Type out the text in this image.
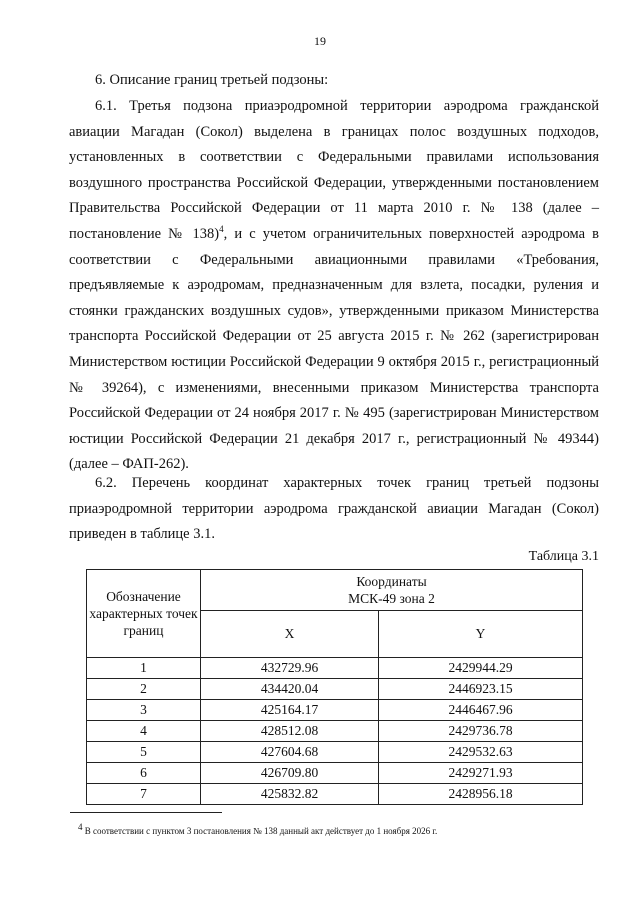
19
6. Описание границ третьей подзоны:
6.1. Третья подзона приаэродромной территории аэродрома гражданской авиации Магадан (Сокол) выделена в границах полос воздушных подходов, установленных в соответствии с Федеральными правилами использования воздушного пространства Российской Федерации, утвержденными постановлением Правительства Российской Федерации от 11 марта 2010 г. № 138 (далее – постановление № 138)$^4$, и с учетом ограничительных поверхностей аэродрома в соответствии с Федеральными авиационными правилами «Требования, предъявляемые к аэродромам, предназначенным для взлета, посадки, руления и стоянки гражданских воздушных судов», утвержденными приказом Министерства транспорта Российской Федерации от 25 августа 2015 г. № 262 (зарегистрирован Министерством юстиции Российской Федерации 9 октября 2015 г., регистрационный № 39264), с изменениями, внесенными приказом Министерства транспорта Российской Федерации от 24 ноября 2017 г. № 495 (зарегистрирован Министерством юстиции Российской Федерации 21 декабря 2017 г., регистрационный № 49344) (далее – ФАП-262).
6.2. Перечень координат характерных точек границ третьей подзоны приаэродромной территории аэродрома гражданской авиации Магадан (Сокол) приведен в таблице 3.1.
Таблица 3.1
Обозначение характерных точек границ	Координаты
МСК-49 зона 2	

	X	Y
1	432729.96	2429944.29
2	434420.04	2446923.15
3	425164.17	2446467.96
4	428512.08	2429736.78
5	427604.68	2429532.63
6	426709.80	2429271.93
7	425832.82	2428956.18
$^4$ В соответствии с пунктом 3 постановления № 138 данный акт действует до 1 ноября 2026 г.
